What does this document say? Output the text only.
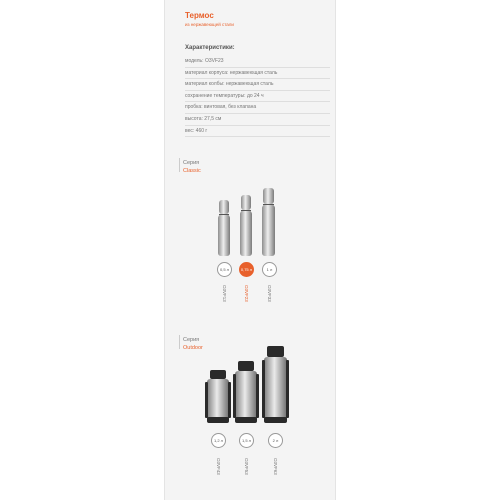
Термос
из нержавеющей стали
Характеристики:
модель: O3VF23
материал корпуса: нержавеющая сталь
материал колбы: нержавеющая сталь
сохранение температуры: до 24 ч
пробка: винтовая, без клапана
высота: 27,5 см
вес: 460 г
Серия
Classic
0,5 л	0,75 л	1 л
O3VF13	O3VF23	O3VF33
Серия
Outdoor
1,2 л	1,5 л	2 л
O3VF43	O3VF53	O3VF63
